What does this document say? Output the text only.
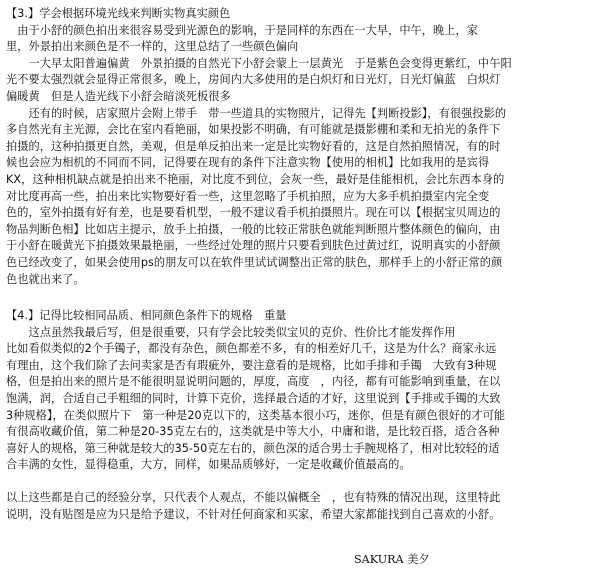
【3.】学会根据环境光线来判断实物真实颜色
　由于小舒的颜色拍出来很容易受到光源色的影响，于是同样的东西在一大早，中午，晚上，家
里，外景拍出来颜色是不一样的，这里总结了一些颜色偏向
　　一大早太阳普遍偏黄　外景拍摄的自然光下小舒会蒙上一层黄光　于是紫色会变得更紫红，中午阳
光不要太强烈就会显得正常很多，晚上，房间内大多使用的是白炽灯和日光灯，日光灯偏蓝　白炽灯
偏暖黄　但是人造光线下小舒会暗淡死板很多
　　还有的时候，店家照片会附上带手　带一些道具的实物照片，记得先【判断投影】，有很强投影的
多自然光有主光源，会比在室内看艳丽，如果投影不明确，有可能就是摄影棚和柔和无拍光的条件下
拍摄的，这种拍摄更自然，美观，但是单反拍出来一定是比实物好看的，这是自然拍照情况，有的时
候也会应为相机的不同而不同，记得要在现有的条件下注意实物【使用的相机】比如我用的是宾得
KX，这种相机缺点就是拍出来不艳丽，对比度不到位，会灰一些，最好是佳能相机，会比东西本身的
对比度再高一些，拍出来比实物要好看一些，这里忽略了手机拍照，应为大多手机拍摄室内完全变
色的，室外拍摄有好有差，也是要看机型，一般不建议看手机拍摄照片。现在可以【根据宝贝周边的
物品判断色相】比如店主提示，放手上拍摄，一般的比较正常肤色就能判断照片整体颜色的偏向，由
于小舒在暖黄光下拍摄效果最艳丽，一些经过处理的照片只要看到肤色过黄过红，说明真实的小舒颜
色已经改变了，如果会使用ps的朋友可以在软件里试试调整出正常的肤色，那样手上的小舒正常的颜
色也就出来了。
【4.】记得比较相同品质、相同颜色条件下的规格　重量
　　这点虽然我最后写，但是很重要，只有学会比较类似宝贝的克价、性价比才能发挥作用
比如看似类似的2个手镯子，都没有杂色，颜色都差不多，有的相差好几千，这是为什么？商家永远
有理由，这个我们除了去问卖家是否有瑕疵外，要注意看的是规格，比如手排和手镯　大致有3种规
格，但是拍出来的照片是不能很明显说明问题的，厚度，高度　，内径，都有可能影响到重量，在以
饱满，润，合适自己手粗细的同时，计算下克价，选择最合适的才好，这里说到【手排或手镯的大致
3种规格】，在类似照片下　第一种是20克以下的，这类基本很小巧，迷你，但是有颜色很好的才可能
有很高收藏价值，第二种是20-35克左右的，这类就是中等大小，中庸和谐，是比较百搭，适合各种
喜好人的规格，第三种就是较大的35-50克左右的，颜色深的适合男士手腕规格了，相对比较轻的适
合丰满的女性，显得稳重，大方，同样，如果品质够好，一定是收藏价值最高的。
以上这些都是自己的经验分享，只代表个人观点，不能以偏概全　，也有特殊的情况出现，这里特此
说明，没有贴图是应为只是给予建议，不针对任何商家和买家，希望大家都能找到自己喜欢的小舒。
SAKURA 美夕
